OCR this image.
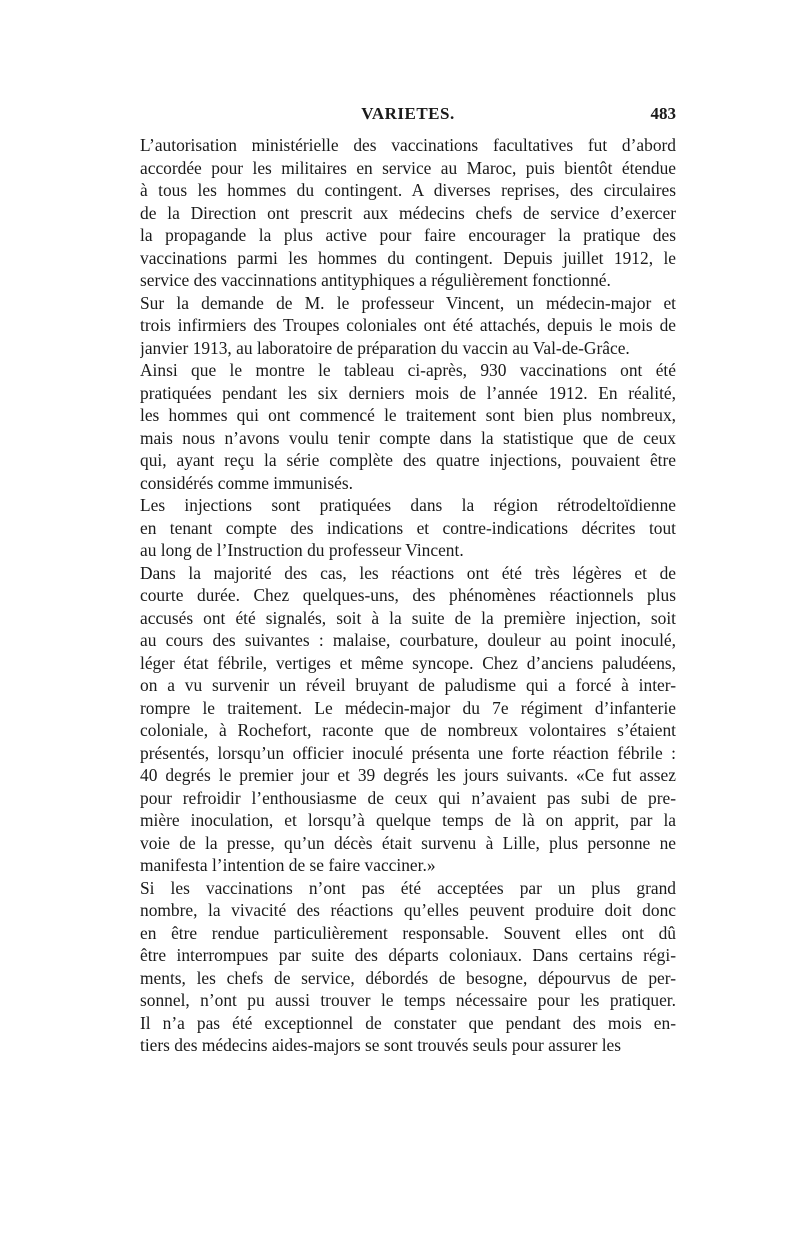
VARIETES.	483
L’autorisation ministérielle des vaccinations facultatives fut d’abord
accordée pour les militaires en service au Maroc, puis bientôt étendue
à tous les hommes du contingent. A diverses reprises, des circulaires
de la Direction ont prescrit aux médecins chefs de service d’exercer
la propagande la plus active pour faire encourager la pratique des
vaccinations parmi les hommes du contingent. Depuis juillet 1912, le
service des vaccinnations antityphiques a régulièrement fonctionné.
Sur la demande de M. le professeur Vincent, un médecin-major et
trois infirmiers des Troupes coloniales ont été attachés, depuis le mois de
janvier 1913, au laboratoire de préparation du vaccin au Val-de-Grâce.
Ainsi que le montre le tableau ci-après, 930 vaccinations ont été
pratiquées pendant les six derniers mois de l’année 1912. En réalité,
les hommes qui ont commencé le traitement sont bien plus nombreux,
mais nous n’avons voulu tenir compte dans la statistique que de ceux
qui, ayant reçu la série complète des quatre injections, pouvaient être
considérés comme immunisés.
Les injections sont pratiquées dans la région rétrodeltoïdienne
en tenant compte des indications et contre-indications décrites tout
au long de l’Instruction du professeur Vincent.
Dans la majorité des cas, les réactions ont été très légères et de
courte durée. Chez quelques-uns, des phénomènes réactionnels plus
accusés ont été signalés, soit à la suite de la première injection, soit
au cours des suivantes : malaise, courbature, douleur au point inoculé,
léger état fébrile, vertiges et même syncope. Chez d’anciens paludéens,
on a vu survenir un réveil bruyant de paludisme qui a forcé à inter-
rompre le traitement. Le médecin-major du 7e régiment d’infanterie
coloniale, à Rochefort, raconte que de nombreux volontaires s’étaient
présentés, lorsqu’un officier inoculé présenta une forte réaction fébrile :
40 degrés le premier jour et 39 degrés les jours suivants. «Ce fut assez
pour refroidir l’enthousiasme de ceux qui n’avaient pas subi de pre-
mière inoculation, et lorsqu’à quelque temps de là on apprit, par la
voie de la presse, qu’un décès était survenu à Lille, plus personne ne
manifesta l’intention de se faire vacciner.»
Si les vaccinations n’ont pas été acceptées par un plus grand
nombre, la vivacité des réactions qu’elles peuvent produire doit donc
en être rendue particulièrement responsable. Souvent elles ont dû
être interrompues par suite des départs coloniaux. Dans certains régi-
ments, les chefs de service, débordés de besogne, dépourvus de per-
sonnel, n’ont pu aussi trouver le temps nécessaire pour les pratiquer.
Il n’a pas été exceptionnel de constater que pendant des mois en-
tiers des médecins aides-majors se sont trouvés seuls pour assurer les
